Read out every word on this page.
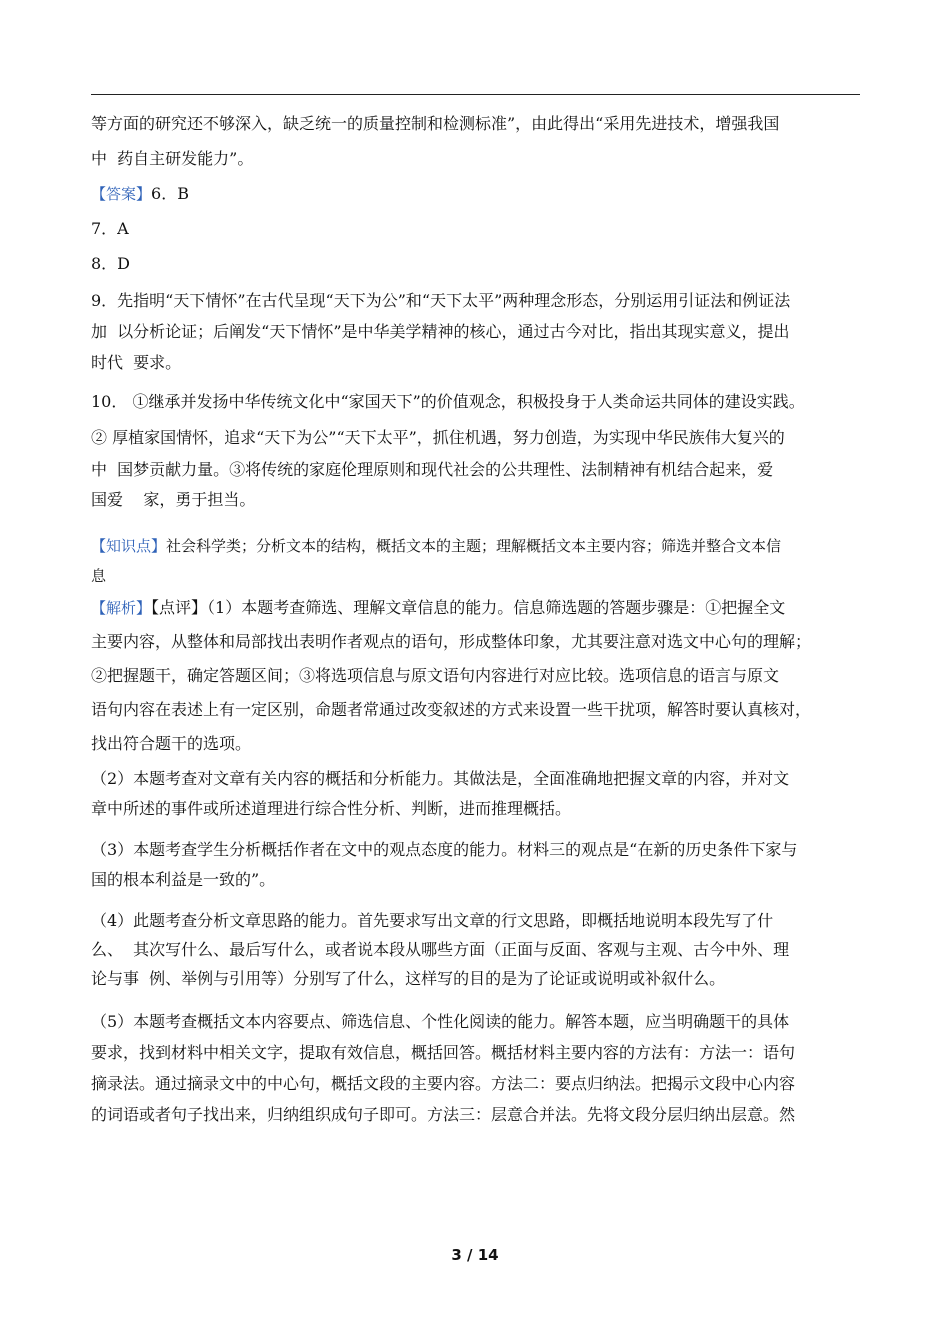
等方面的研究还不够深入，缺乏统一的质量控制和检测标准”，由此得出“采用先进技术，增强我国
中  药自主研发能力”。
【答案】6．B
7．A
8．D
9．先指明“天下情怀”在古代呈现“天下为公”和“天下太平”两种理念形态，分别运用引证法和例证法
加  以分析论证；后阐发“天下情怀”是中华美学精神的核心，通过古今对比，指出其现实意义，提出
时代  要求。
10． ①继承并发扬中华传统文化中“家国天下”的价值观念，积极投身于人类命运共同体的建设实践。
② 厚植家国情怀，追求“天下为公”“天下太平”，抓住机遇，努力创造，为实现中华民族伟大复兴的
中  国梦贡献力量。③将传统的家庭伦理原则和现代社会的公共理性、法制精神有机结合起来，爱
国爱    家，勇于担当。
【知识点】社会科学类；分析文本的结构，概括文本的主题；理解概括文本主要内容；筛选并整合文本信
息
【解析】【点评】（1）本题考查筛选、理解文章信息的能力。信息筛选题的答题步骤是：①把握全文
主要内容，从整体和局部找出表明作者观点的语句，形成整体印象，尤其要注意对选文中心句的理解；
②把握题干，确定答题区间；③将选项信息与原文语句内容进行对应比较。选项信息的语言与原文
语句内容在表述上有一定区别，命题者常通过改变叙述的方式来设置一些干扰项，解答时要认真核对，
找出符合题干的选项。
（2）本题考查对文章有关内容的概括和分析能力。其做法是，全面准确地把握文章的内容，并对文
章中所述的事件或所述道理进行综合性分析、判断，进而推理概括。
（3）本题考查学生分析概括作者在文中的观点态度的能力。材料三的观点是“在新的历史条件下家与
国的根本利益是一致的”。
（4）此题考查分析文章思路的能力。首先要求写出文章的行文思路，即概括地说明本段先写了什
么、  其次写什么、最后写什么，或者说本段从哪些方面（正面与反面、客观与主观、古今中外、理
论与事  例、举例与引用等）分别写了什么，这样写的目的是为了论证或说明或补叙什么。
（5）本题考查概括文本内容要点、筛选信息、个性化阅读的能力。解答本题，应当明确题干的具体
要求，找到材料中相关文字，提取有效信息，概括回答。概括材料主要内容的方法有：方法一：语句
摘录法。通过摘录文中的中心句，概括文段的主要内容。方法二：要点归纳法。把揭示文段中心内容
的词语或者句子找出来，归纳组织成句子即可。方法三：层意合并法。先将文段分层归纳出层意。然
3 / 14
